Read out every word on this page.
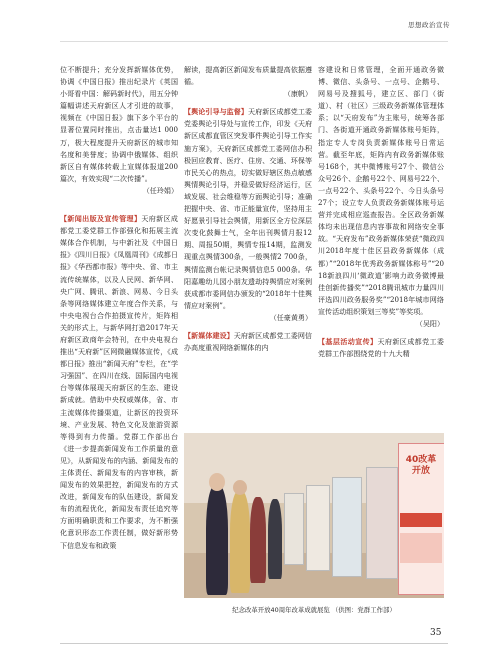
思想政治宣传

位不断提升；充分发挥新媒体优势，协调《中国日报》推出纪录片《英国小哥看中国：解码新时代》，用五分钟篇幅讲述天府新区人才引进的故事，视频在《中国日报》旗下多个平台的显著位置同时推出，点击量达1 000万，极大程度提升天府新区的城市知名度和美誉度；协调中俄媒体、组织新区自有媒体转载上宣媒体报道200篇次，有效实现“二次传播”。

（任玲娟）

【新闻出版及宣传管理】天府新区成都党工委党群工作部强化和拓展主流媒体合作机制，与中新社及《中国日报》《四川日报》《凤凰周刊》《成都日报》《华西都市报》等中央、省、市主流传统媒体，以及人民网、新华网、央广网、腾讯、新浪、网易、今日头条等网络媒体建立年度合作关系，与中央电视台合作拍摄宣传片，矩阵相关的形式上，与新华网打造2017年天府新区政商年会特刊，在中央电视台推出“天府新”区网微融媒体宣传，《成都日报》推出“新闻天府”专栏，在“学习强国”、在四川在线、国际国内电视台等媒体展现天府新区的生态、建设新成就。借助中央权威媒体，省、市主流媒体传播渠道，让新区的投资环境、产业发展、特色文化及旅游资源等得到有力传播。党群工作部出台《进一步提高新闻发布工作质量的意见》，从新闻发布的内涵、新闻发布的主体责任、新闻发布的内容审核，新闻发布的效果把控，新闻发布的方式改进，新闻发布的队伍建设，新闻发布的流程优化，新闻发布责任追究等方面明确职责和工作要求，为不断强化意识形态工作责任制，做好新形势下信息发布和政策

解读，提高新区新闻发布质量提高依据遵循。

（康帆）

【舆论引导与监督】天府新区成都党工委党委舆论引导处与宣传工作，印发《天府新区成都直管区突发事件舆论引导工作实施方案》，天府新区成都党工委网信办积极回应教育、医疗、住房、交通、环保等市民关心的热点，切实做好辖区热点敏感舆情舆论引导，并稳妥做好经济运行，区域发展、社会维稳等方面舆论引导；准确把握中央、省、市正能量宣传，坚持用主好愿景引导社会舆情，用新区全方位深层次变化鼓舞士气，全年出刊舆情月报12期、周报50期，舆情专报14期，监测发现重点舆情300条，一般舆情2 700条，舆情监测台帐记录舆情信息5 000条。华阳嘉趣幼儿园小朋友遗劫持舆情应对案例获成都市委网信办颁发的“2018年十佳舆情应对案例”。

（任豪黄勇）

【新媒体建设】天府新区成都党工委网信办高度重视网络新媒体的内

容建设和日常管理，全面开通政务微博、微信、头条号、一点号、企鹅号、网易号及搜狐号，建立区、部门（街道）、村（社区）三级政务新媒体管理体系；以“天府发布”为主账号，统筹各部门、各街道开通政务新媒体账号矩阵，指定专人专岗负责新媒体账号日常运营。截至年底，矩阵内有政务新媒体账号168个，其中微博账号27个、微信公众号26个、企鹅号22个、网易号22个、一点号22个、头条号22个、今日头条号27个；设立专人负责政务新媒体账号运营并完成相应巡查报告。全区政务新媒体均未出现信息内容事故和网络安全事故。“天府发布”政务新媒体荣获“微政四川2018年度十佳区县政务新媒体（成都）”“2018年优秀政务新媒体称号”“2018新浪四川‘微政道’影响力政务微博最佳创新传播奖”“2018腾讯城市力量四川评选四川政务服务奖”“2018年城市网络宣传活动组织策划三等奖”等奖项。

（吴阳）

【基层活动宣传】天府新区成都党工委党群工作部围绕党的十九大精

40改革开放
纪念改革开放40周年改革成就展览 （供图：党群工作部）
35
